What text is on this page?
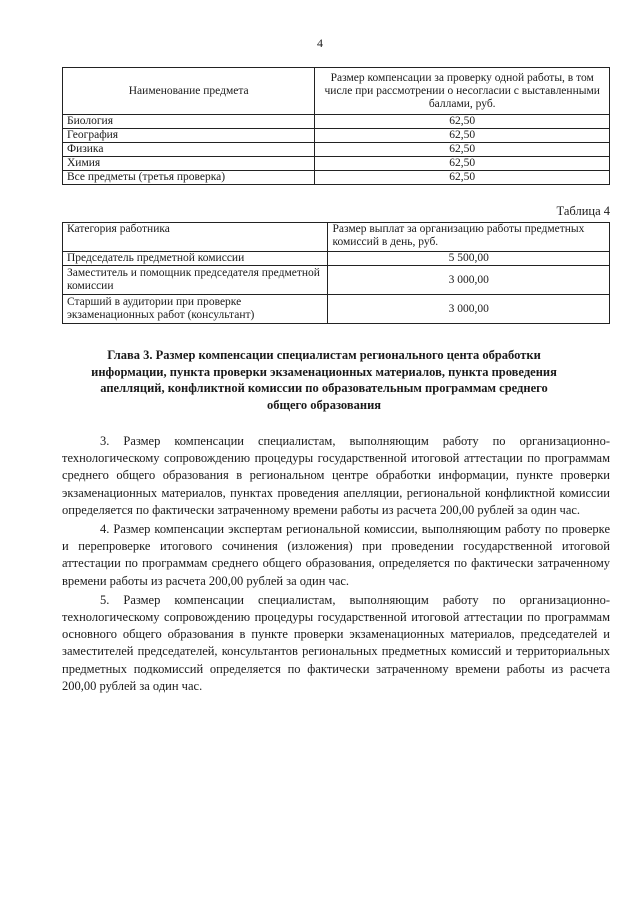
4
Наименование предмета	Размер компенсации за проверку одной работы, в том числе при рассмотрении о несогласии с выставленными баллами, руб.
Биология	62,50
География	62,50
Физика	62,50
Химия	62,50
Все предметы (третья проверка)	62,50
Таблица 4
Категория работника	Размер выплат за организацию работы предметных комиссий в день, руб.
Председатель предметной комиссии	5 500,00
Заместитель и помощник председателя предметной комиссии	3 000,00
Старший в аудитории при проверке экзаменационных работ (консультант)	3 000,00
Глава 3. Размер компенсации специалистам регионального цента обработки информации, пункта проверки экзаменационных материалов, пункта проведения апелляций, конфликтной комиссии по образовательным программам среднего общего образования

3. Размер компенсации специалистам, выполняющим работу по организационно-технологическому сопровождению процедуры государственной итоговой аттестации по программам среднего общего образования в региональном центре обработки информации, пункте проверки экзаменационных материалов, пунктах проведения апелляции, региональной конфликтной комиссии определяется по фактически затраченному времени работы из расчета 200,00 рублей за один час.

4. Размер компенсации экспертам региональной комиссии, выполняющим работу по проверке и перепроверке итогового сочинения (изложения) при проведении государственной итоговой аттестации по программам среднего общего образования, определяется по фактически затраченному времени работы из расчета 200,00 рублей за один час.

5. Размер компенсации специалистам, выполняющим работу по организационно-технологическому сопровождению процедуры государственной итоговой аттестации по программам основного общего образования в пункте проверки экзаменационных материалов, председателей и заместителей председателей, консультантов региональных предметных комиссий и территориальных предметных подкомиссий определяется по фактически затраченному времени работы из расчета 200,00 рублей за один час.
